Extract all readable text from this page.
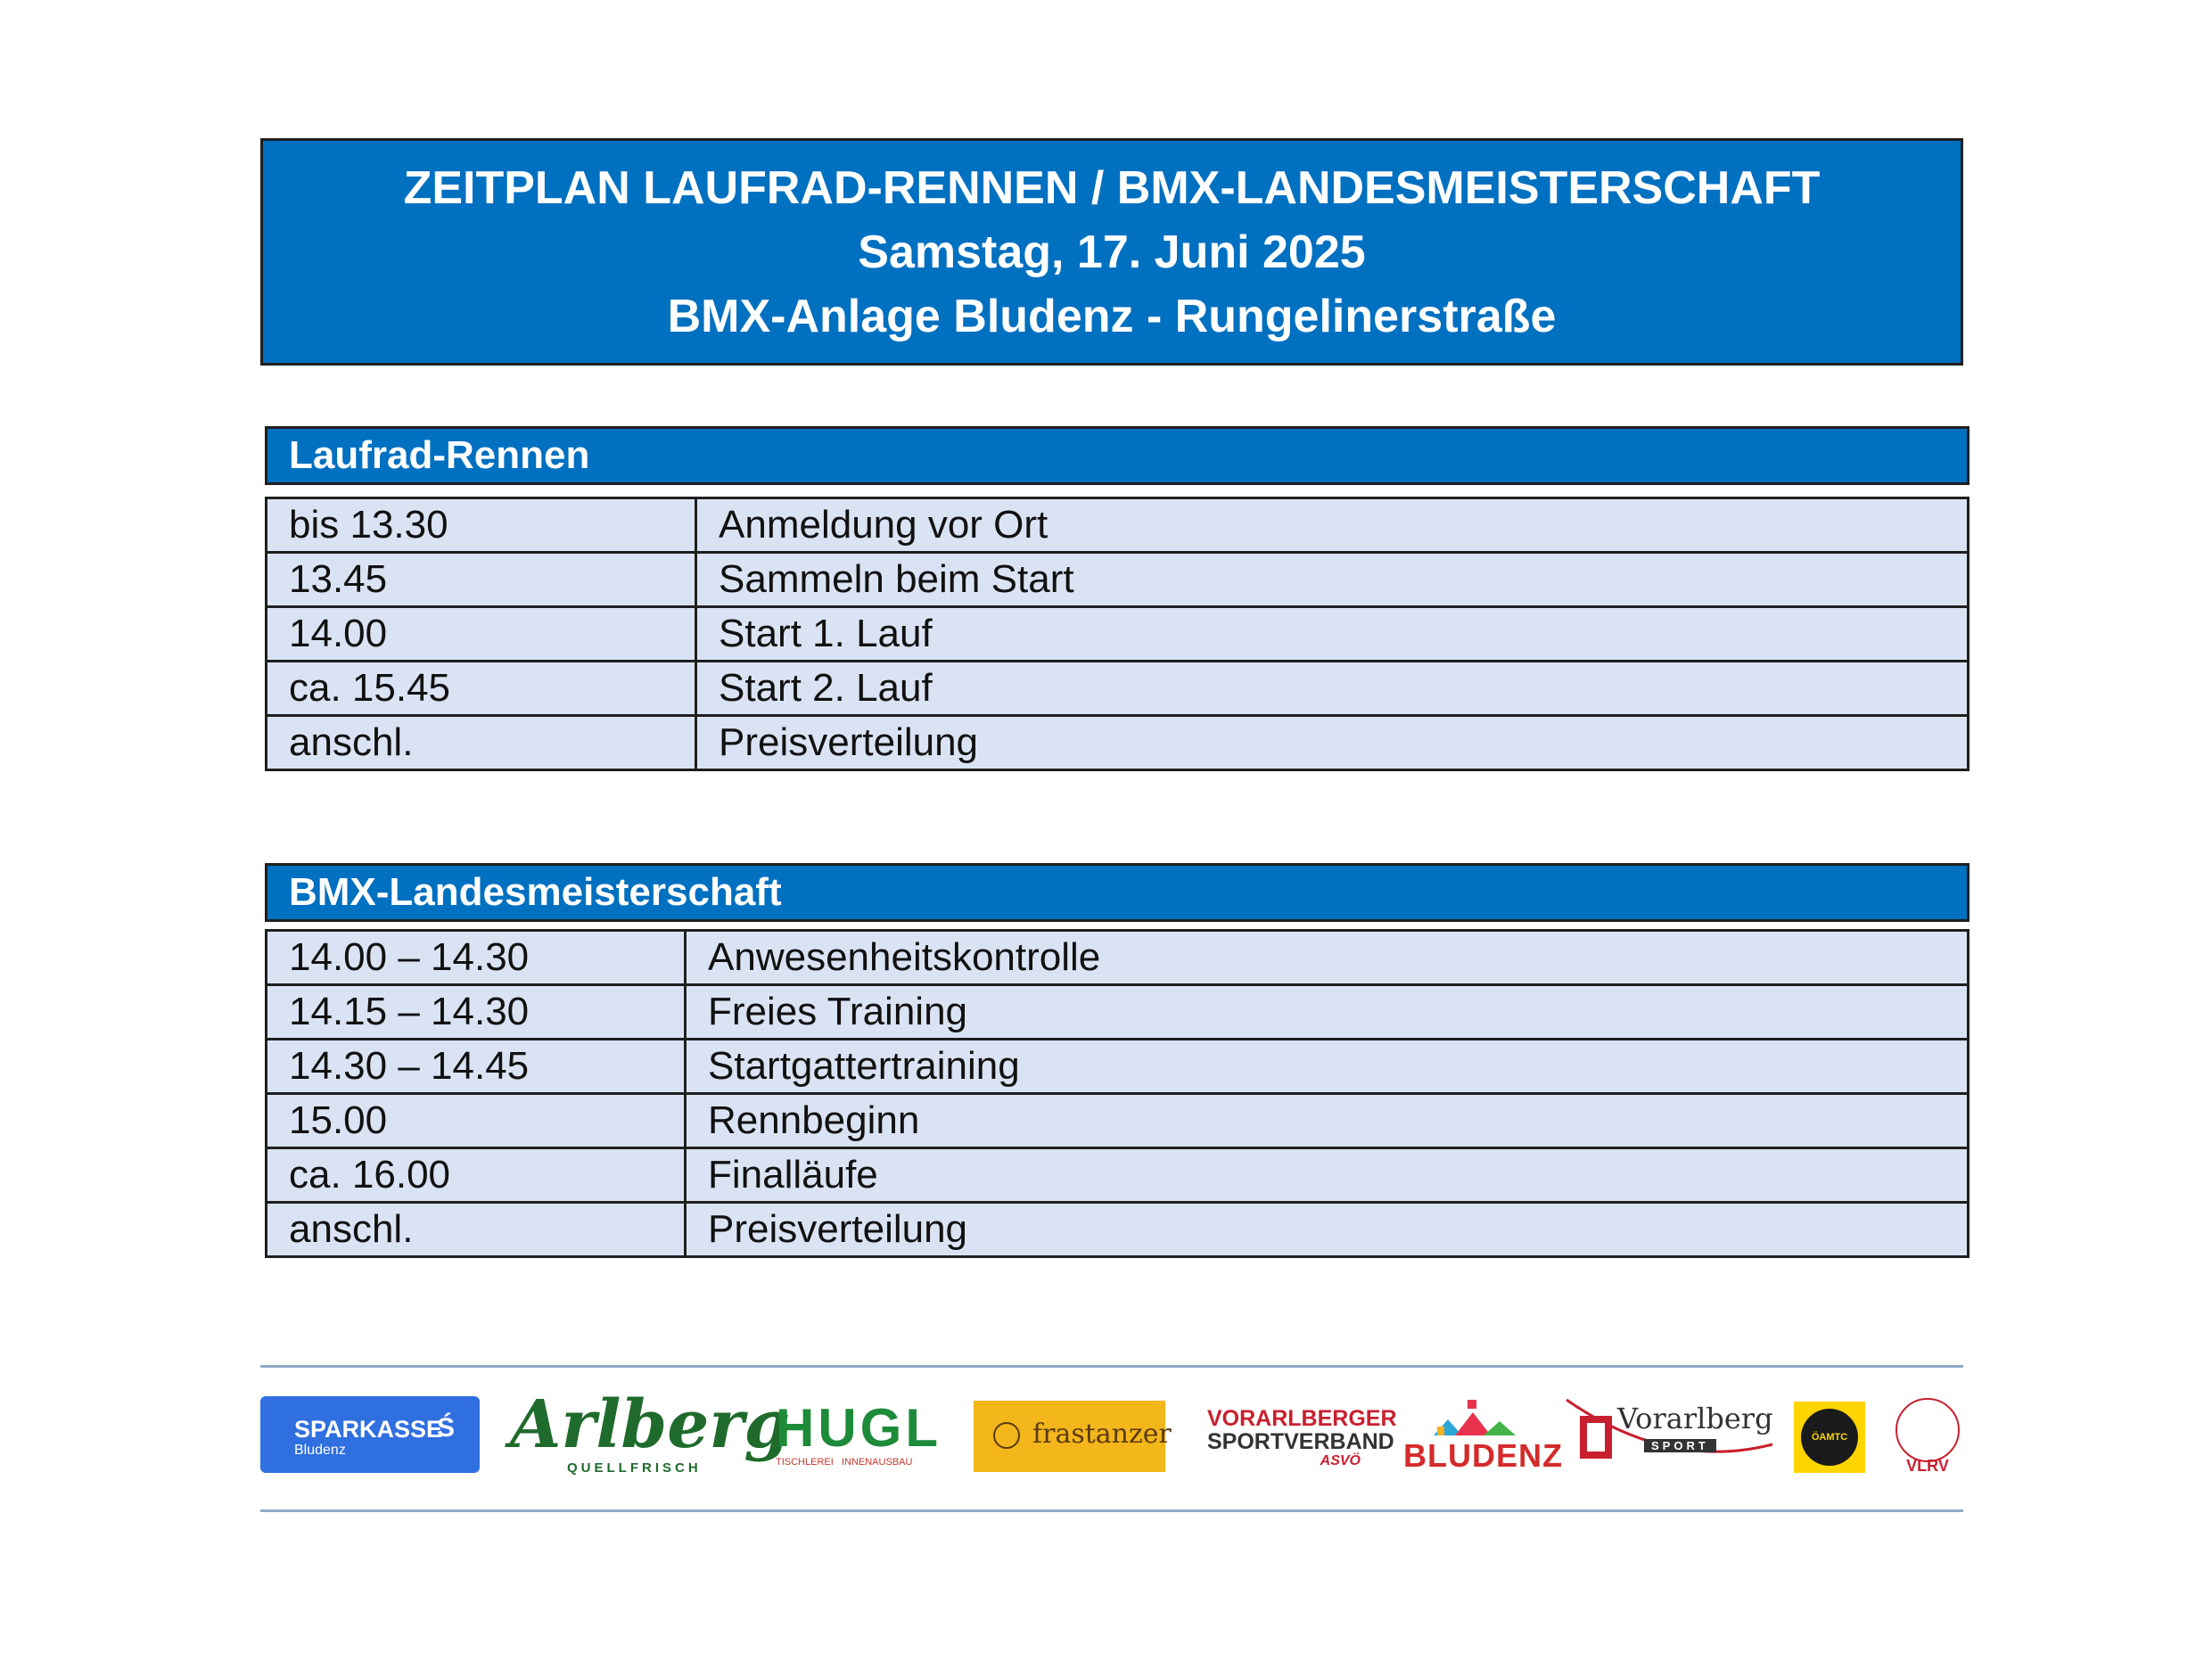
ZEITPLAN LAUFRAD-RENNEN / BMX-LANDESMEISTERSCHAFT
Samstag, 17. Juni 2025
BMX-Anlage Bludenz - Rungelinerstraße
Laufrad-Rennen
bis 13.30	Anmeldung vor Ort
13.45	Sammeln beim Start
14.00	Start 1. Lauf
ca. 15.45	Start 2. Lauf
anschl.	Preisverteilung
BMX-Landesmeisterschaft
14.00 – 14.30	Anwesenheitskontrolle
14.15 – 14.30	Freies Training
14.30 – 14.45	Startgattertraining
15.00	Rennbeginn
ca. 16.00	Finalläufe
anschl.	Preisverteilung
SPARKASSE
Ś
Bludenz Arlberg
QUELLFRISCH
HUGL
TISCHLEREI   INNENAUSBAU
frastanzer VORARLBERGER
SPORTVERBAND
ASVÖ	BLUDENZ
Vorarlberg
SPORT
ÖAMTC
VLRV
